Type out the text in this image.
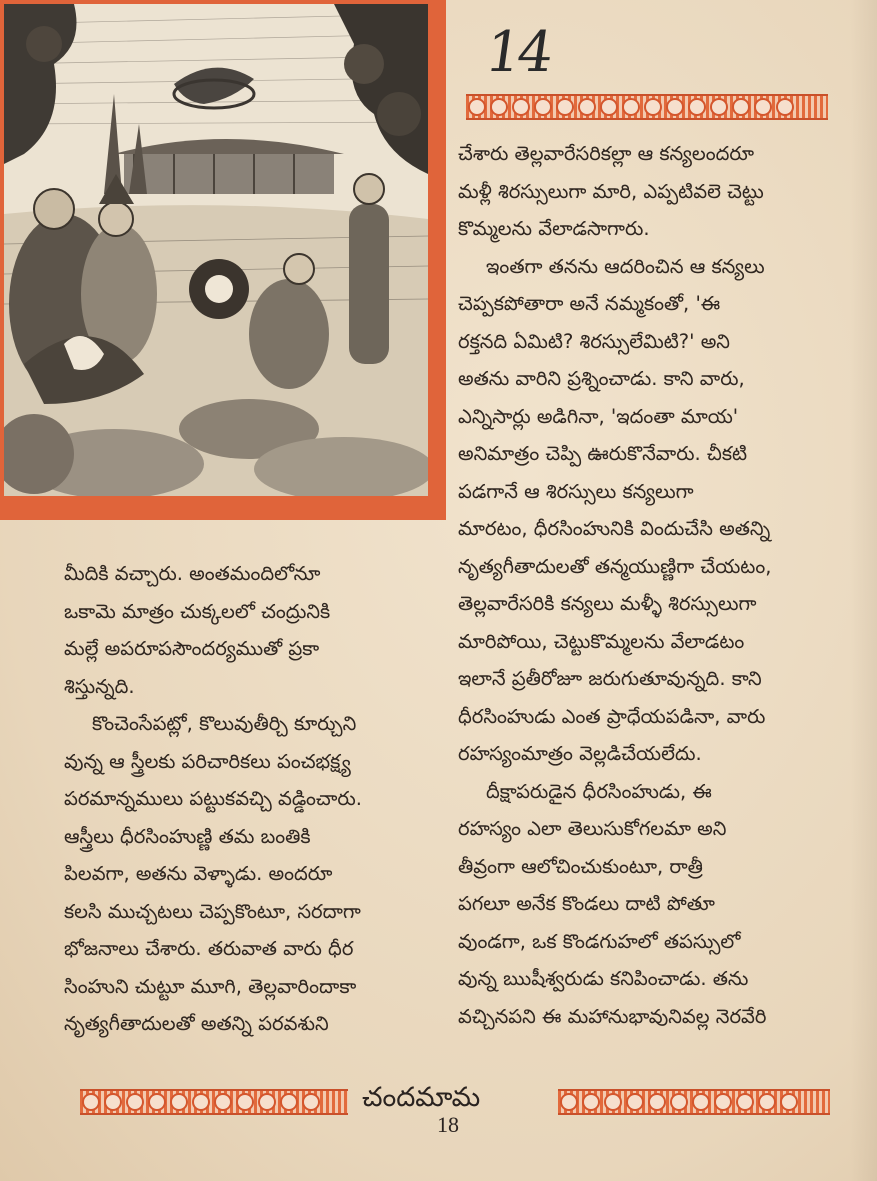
14

చేశారు తెల్లవారేసరికల్లా ఆ కన్యలందరూ

మళ్లీ శిరస్సులుగా మారి, ఎప్పటివలె చెట్టు

కొమ్మలను వేలాడసాగారు.

ఇంతగా తనను ఆదరించిన ఆ కన్యలు

చెప్పకపోతారా అనే నమ్మకంతో, 'ఈ

రక్తనది ఏమిటి? శిరస్సులేమిటి?' అని

అతను వారిని ప్రశ్నించాడు. కాని వారు,

ఎన్నిసార్లు అడిగినా, 'ఇదంతా మాయ'

అనిమాత్రం చెప్పి ఊరుకొనేవారు. చీకటి

పడగానే ఆ శిరస్సులు కన్యలుగా

మారటం, ధీరసింహునికి విందుచేసి అతన్ని

నృత్యగీతాదులతో తన్మయుణ్ణిగా చేయటం,

తెల్లవారేసరికి కన్యలు మళ్ళీ శిరస్సులుగా

మారిపోయి, చెట్టుకొమ్మలను వేలాడటం

ఇలానే ప్రతీరోజూ జరుగుతూవున్నది. కాని

ధీరసింహుడు ఎంత ప్రాధేయపడినా, వారు

రహస్యంమాత్రం వెల్లడిచేయలేదు.

దీక్షాపరుడైన ధీరసింహుడు, ఈ

రహస్యం ఎలా తెలుసుకోగలమా అని

తీవ్రంగా ఆలోచించుకుంటూ, రాత్రీ

పగలూ అనేక కొండలు దాటి పోతూ

వుండగా, ఒక కొండగుహలో తపస్సులో

వున్న ఋషీశ్వరుడు కనిపించాడు. తను

వచ్చినపని ఈ మహానుభావునివల్ల నెరవేరి

మీదికి వచ్చారు. అంతమందిలోనూ

ఒకామె మాత్రం చుక్కలలో చంద్రునికి

మల్లే అపరూపసౌందర్యముతో ప్రకా

శిస్తున్నది.

కొంచెంసేపట్లో, కొలువుతీర్చి కూర్చుని

వున్న ఆ స్త్రీలకు పరిచారికలు పంచభక్ష్య

పరమాన్నములు పట్టుకవచ్చి వడ్డించారు.

ఆస్త్రీలు ధీరసింహుణ్ణి తమ బంతికి

పిలవగా, అతను వెళ్ళాడు. అందరూ

కలసి ముచ్చటలు చెప్పకొంటూ, సరదాగా

భోజనాలు చేశారు. తరువాత వారు ధీర

సింహుని చుట్టూ మూగి, తెల్లవారిందాకా

నృత్యగీతాదులతో అతన్ని పరవశుని

చందమామ
18
